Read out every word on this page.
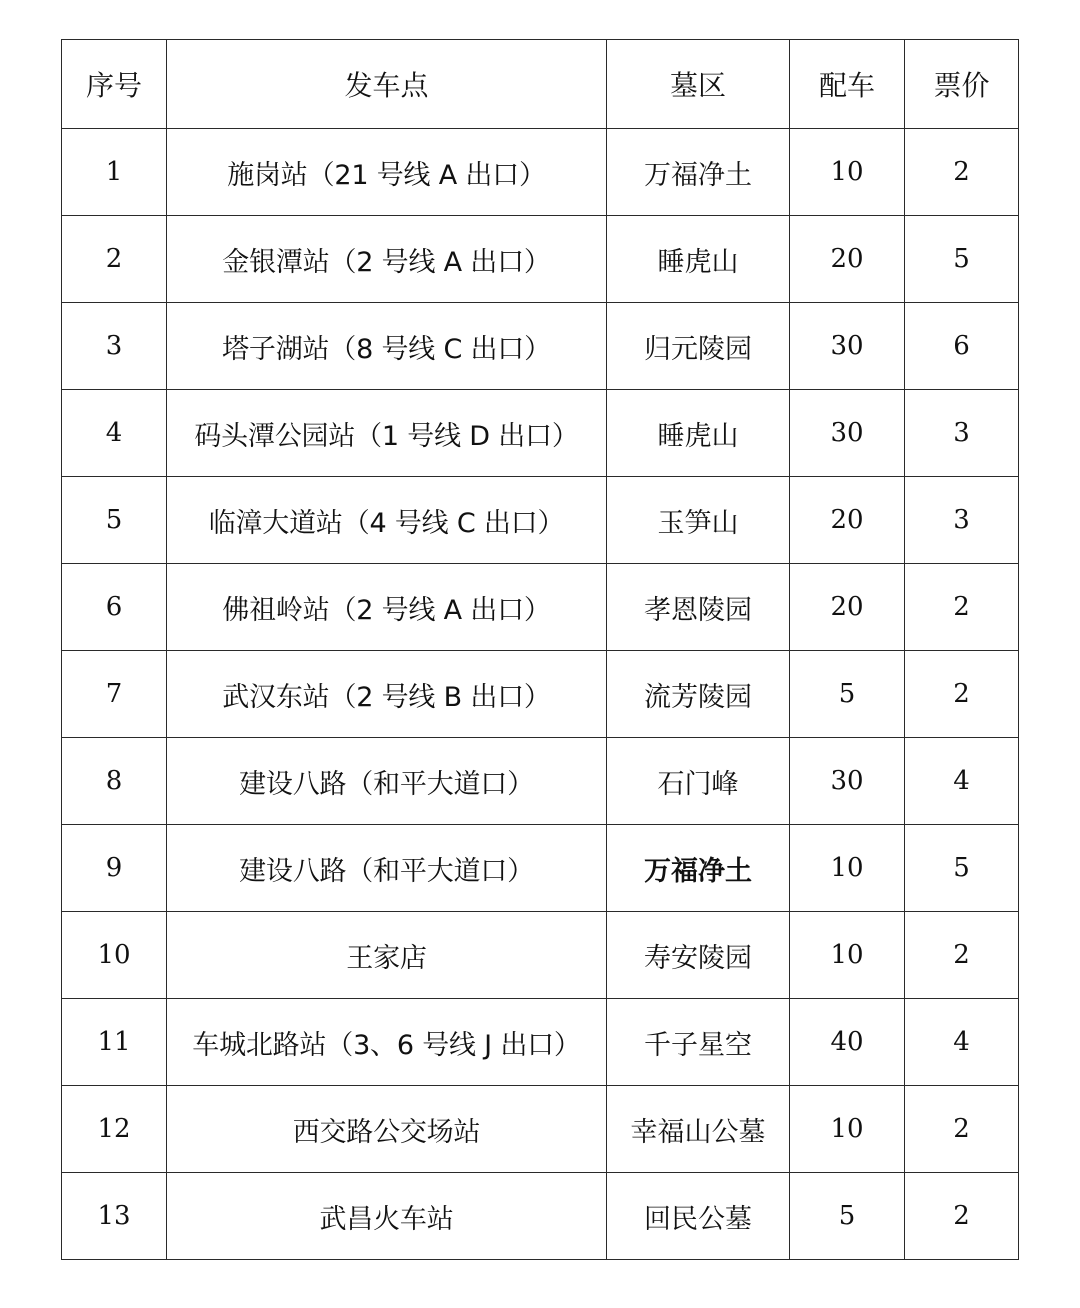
序号	发车点	墓区	配车	票价
1	施岗站（21 号线 A 出口）	万福净土	10	2
2	金银潭站（2 号线 A 出口）	睡虎山	20	5
3	塔子湖站（8 号线 C 出口）	归元陵园	30	6
4	码头潭公园站（1 号线 D 出口）	睡虎山	30	3
5	临漳大道站（4 号线 C 出口）	玉笋山	20	3
6	佛祖岭站（2 号线 A 出口）	孝恩陵园	20	2
7	武汉东站（2 号线 B 出口）	流芳陵园	5	2
8	建设八路（和平大道口）	石门峰	30	4
9	建设八路（和平大道口）	万福净土	10	5
10	王家店	寿安陵园	10	2
11	车城北路站（3、6 号线 J 出口）	千子星空	40	4
12	西交路公交场站	幸福山公墓	10	2
13	武昌火车站	回民公墓	5	2
